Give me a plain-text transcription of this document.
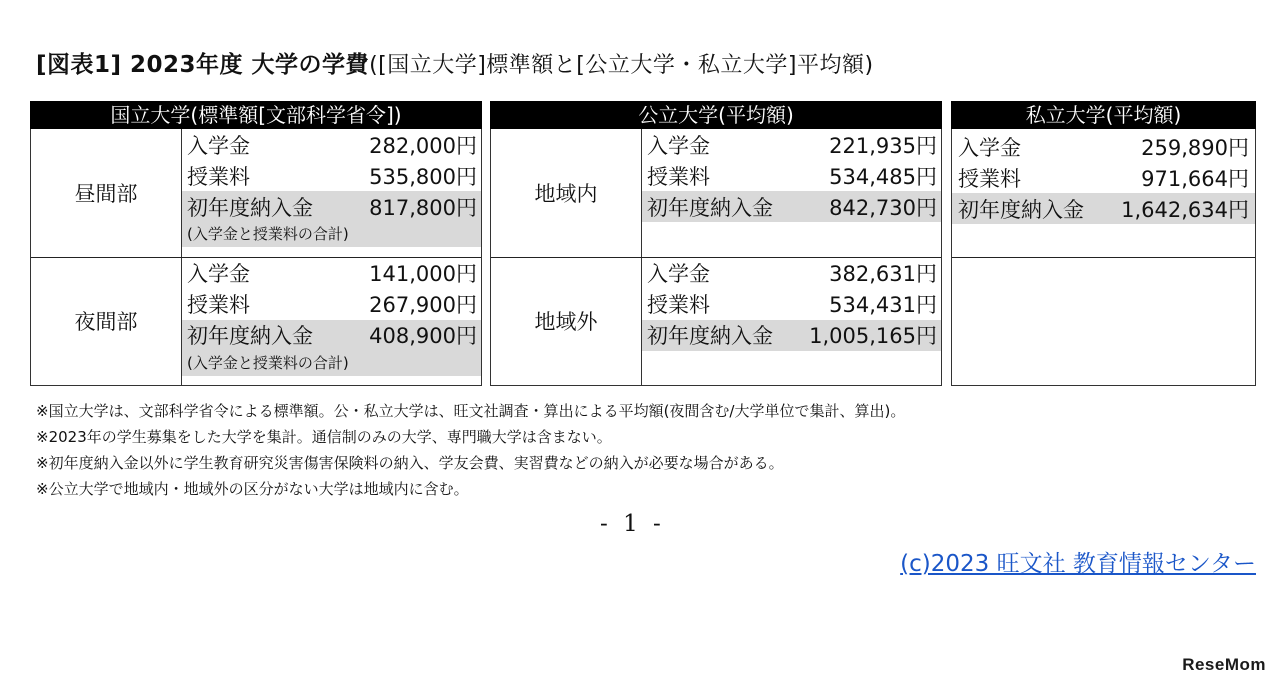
[図表1] 2023年度 大学の学費([国立大学]標準額と[公立大学・私立大学]平均額)
国立大学(標準額[文部科学省令])
昼間部
入学金	282,000円
授業料	535,800円
初年度納入金	817,800円
(入学金と授業料の合計)
夜間部
入学金	141,000円
授業料	267,900円
初年度納入金	408,900円
(入学金と授業料の合計)
公立大学(平均額)
地域内
入学金	221,935円
授業料	534,485円
初年度納入金	842,730円
地域外
入学金	382,631円
授業料	534,431円
初年度納入金 1,005,165円
私立大学(平均額)
入学金	259,890円
授業料	971,664円
初年度納入金 1,642,634円
※国立大学は、文部科学省令による標準額。公・私立大学は、旺文社調査・算出による平均額(夜間含む/大学単位で集計、算出)。
※2023年の学生募集をした大学を集計。通信制のみの大学、専門職大学は含まない。
※初年度納入金以外に学生教育研究災害傷害保険料の納入、学友会費、実習費などの納入が必要な場合がある。
※公立大学で地域内・地域外の区分がない大学は地域内に含む。
- 1 -
(c)2023 旺文社 教育情報センター
ReseMom
